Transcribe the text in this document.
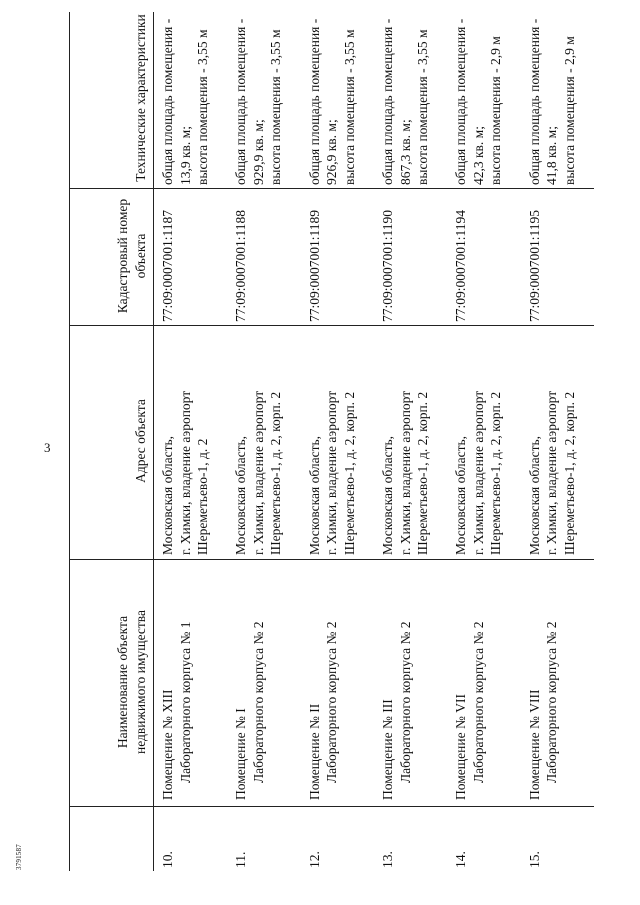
3
3791587

	Наименование объекта недвижимого имущества	Адрес объекта	Кадастровый номер объекта	Технические характеристики
10.	Помещение № XIII Лабораторного корпуса № 1	Московская область, г. Химки, владение аэропорт Шереметьево-1, д. 2	77:09:0007001:1187	общая площадь помещения - 13,9 кв. м; высота помещения - 3,55 м

11.	Помещение № I Лабораторного корпуса № 2	Московская область, г. Химки, владение аэропорт Шереметьево-1, д. 2, корп. 2	77:09:0007001:1188	общая площадь помещения - 929,9 кв. м; высота помещения - 3,55 м

12.	Помещение № II Лабораторного корпуса № 2	Московская область, г. Химки, владение аэропорт Шереметьево-1, д. 2, корп. 2	77:09:0007001:1189	общая площадь помещения - 926,9 кв. м; высота помещения - 3,55 м

13.	Помещение № III Лабораторного корпуса № 2	Московская область, г. Химки, владение аэропорт Шереметьево-1, д. 2, корп. 2	77:09:0007001:1190	общая площадь помещения - 867,3 кв. м; высота помещения - 3,55 м

14.	Помещение № VII Лабораторного корпуса № 2	Московская область, г. Химки, владение аэропорт Шереметьево-1, д. 2, корп. 2	77:09:0007001:1194	общая площадь помещения - 42,3 кв. м; высота помещения - 2,9 м

15.	Помещение № VIII Лабораторного корпуса № 2	Московская область, г. Химки, владение аэропорт Шереметьево-1, д. 2, корп. 2	77:09:0007001:1195	общая площадь помещения - 41,8 кв. м; высота помещения - 2,9 м
